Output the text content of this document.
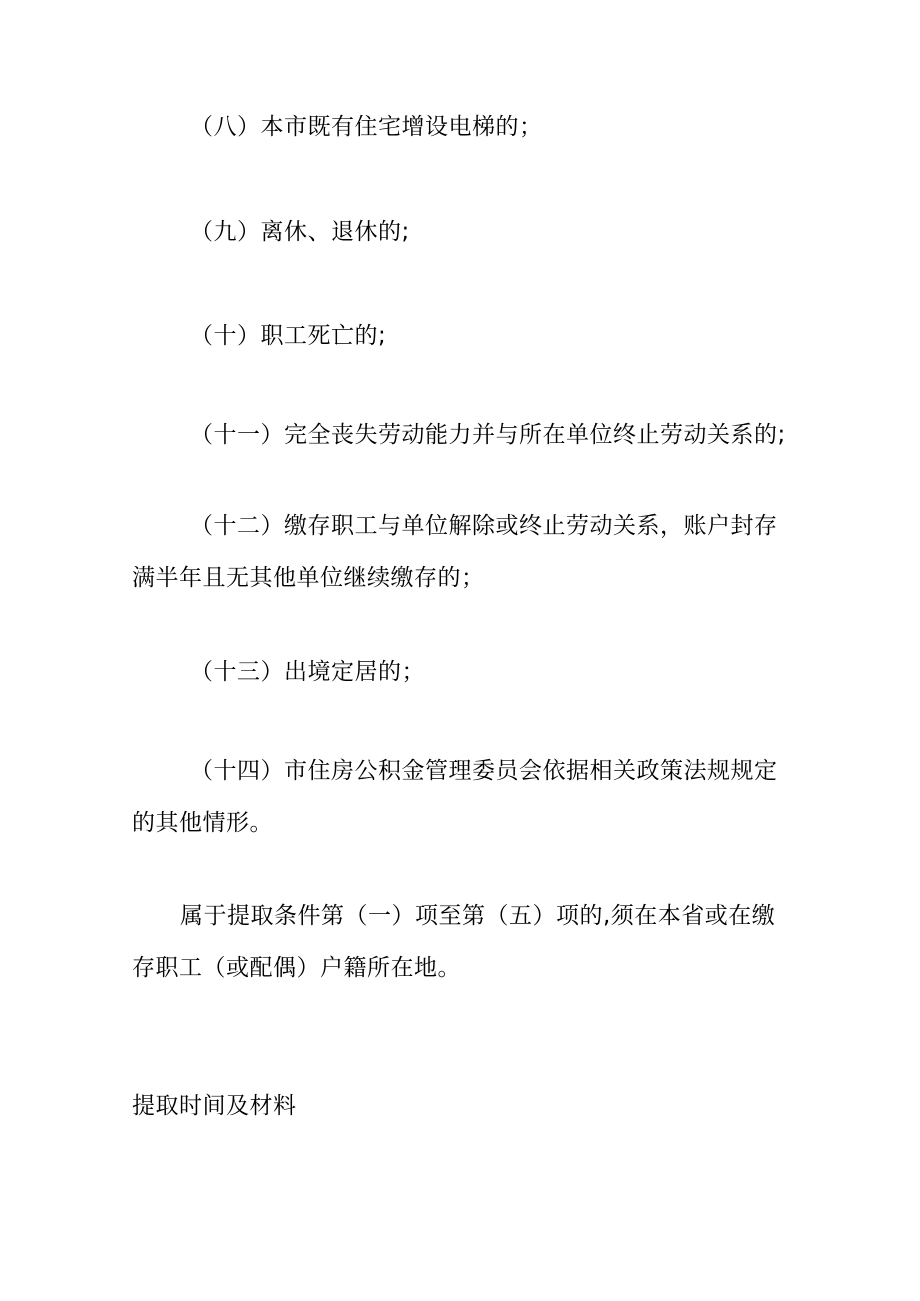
（八）本市既有住宅增设电梯的；

（九）离休、退休的;

（十）职工死亡的;

（十一）完全丧失劳动能力并与所在单位终止劳动关系的;

（十二）缴存职工与单位解除或终止劳动关系，账户封存满半年且无其他单位继续缴存的；

（十三）出境定居的；

（十四）市住房公积金管理委员会依据相关政策法规规定的其他情形。

属于提取条件第（一）项至第（五）项的,须在本省或在缴存职工（或配偶）户籍所在地。

提取时间及材料
